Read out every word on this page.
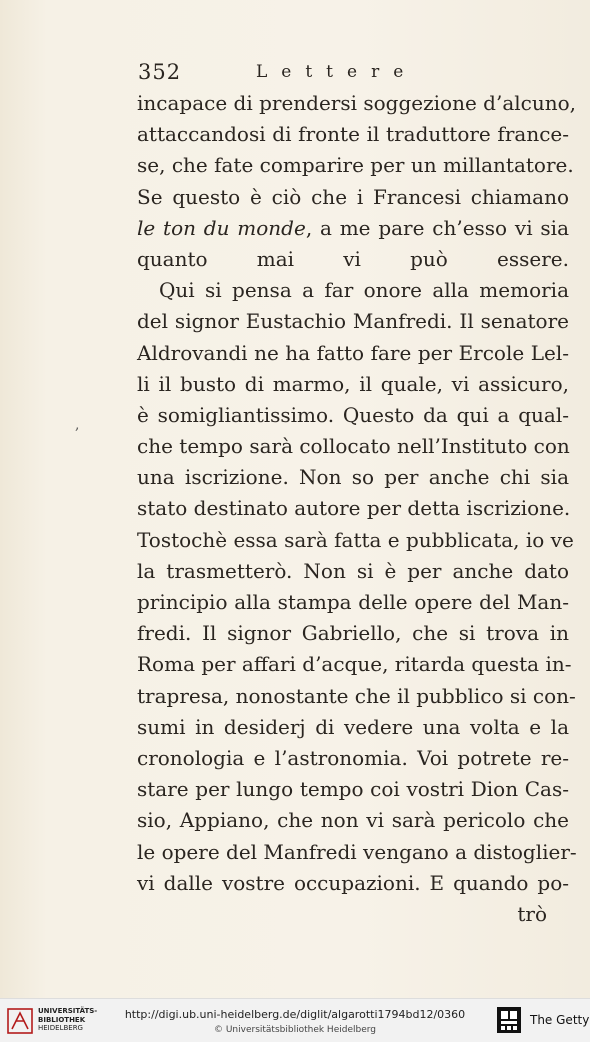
352	Lettere
,
incapace di prendersi soggezione d’alcuno,
attaccandosi di fronte il traduttore france-
se, che fate comparire per un millantatore.
Se questo è ciò che i Francesi chiamano
le ton du monde, a me pare ch’esso vi sia
quanto mai vi può essere.
Qui si pensa a far onore alla memoria
del signor Eustachio Manfredi. Il senatore
Aldrovandi ne ha fatto fare per Ercole Lel-
li il busto di marmo, il quale, vi assicuro,
è somigliantissimo. Questo da qui a qual-
che tempo sarà collocato nell’Instituto con
una iscrizione. Non so per anche chi sia
stato destinato autore per detta iscrizione.
Tostochè essa sarà fatta e pubblicata, io ve
la trasmetterò. Non si è per anche dato
principio alla stampa delle opere del Man-
fredi. Il signor Gabriello, che si trova in
Roma per affari d’acque, ritarda questa in-
trapresa, nonostante che il pubblico si con-
sumi in desiderj di vedere una volta e la
cronologia e l’astronomia. Voi potrete re-
stare per lungo tempo coi vostri Dion Cas-
sio, Appiano, che non vi sarà pericolo che
le opere del Manfredi vengano a distoglier-
vi dalle vostre occupazioni. E quando po-
trò
UNIVERSITÄTS-
BIBLIOTHEK
HEIDELBERG
http://digi.ub.uni-heidelberg.de/diglit/algarotti1794bd12/0360
© Universitätsbibliothek Heidelberg
The Getty
